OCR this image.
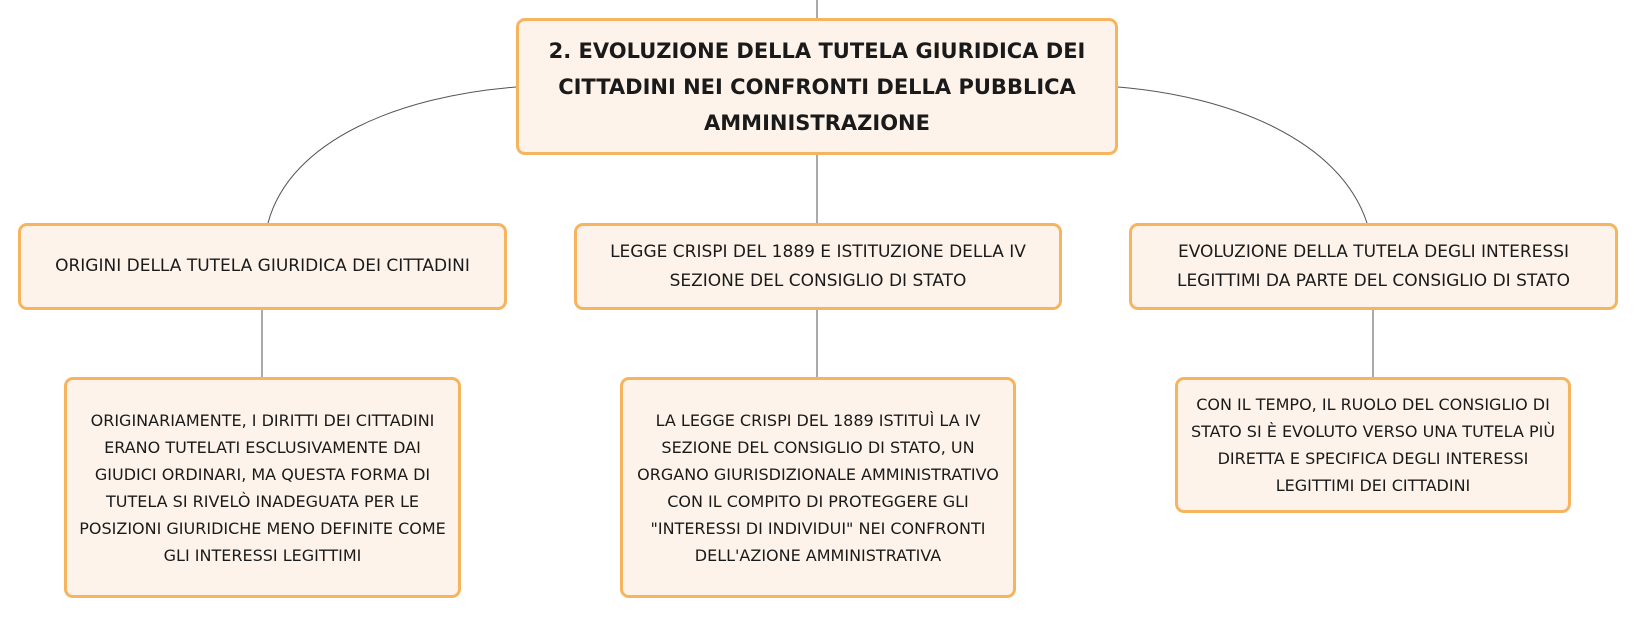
2. EVOLUZIONE DELLA TUTELA GIURIDICA DEI CITTADINI NEI CONFRONTI DELLA PUBBLICA AMMINISTRAZIONE
ORIGINI DELLA TUTELA GIURIDICA DEI CITTADINI
LEGGE CRISPI DEL 1889 E ISTITUZIONE DELLA IV SEZIONE DEL CONSIGLIO DI STATO
EVOLUZIONE DELLA TUTELA DEGLI INTERESSI LEGITTIMI DA PARTE DEL CONSIGLIO DI STATO
ORIGINARIAMENTE, I DIRITTI DEI CITTADINI ERANO TUTELATI ESCLUSIVAMENTE DAI GIUDICI ORDINARI, MA QUESTA FORMA DI TUTELA SI RIVELÒ INADEGUATA PER LE POSIZIONI GIURIDICHE MENO DEFINITE COME GLI INTERESSI LEGITTIMI
LA LEGGE CRISPI DEL 1889 ISTITUÌ LA IV SEZIONE DEL CONSIGLIO DI STATO, UN ORGANO GIURISDIZIONALE AMMINISTRATIVO CON IL COMPITO DI PROTEGGERE GLI "INTERESSI DI INDIVIDUI" NEI CONFRONTI DELL'AZIONE AMMINISTRATIVA
CON IL TEMPO, IL RUOLO DEL CONSIGLIO DI STATO SI È EVOLUTO VERSO UNA TUTELA PIÙ DIRETTA E SPECIFICA DEGLI INTERESSI LEGITTIMI DEI CITTADINI
